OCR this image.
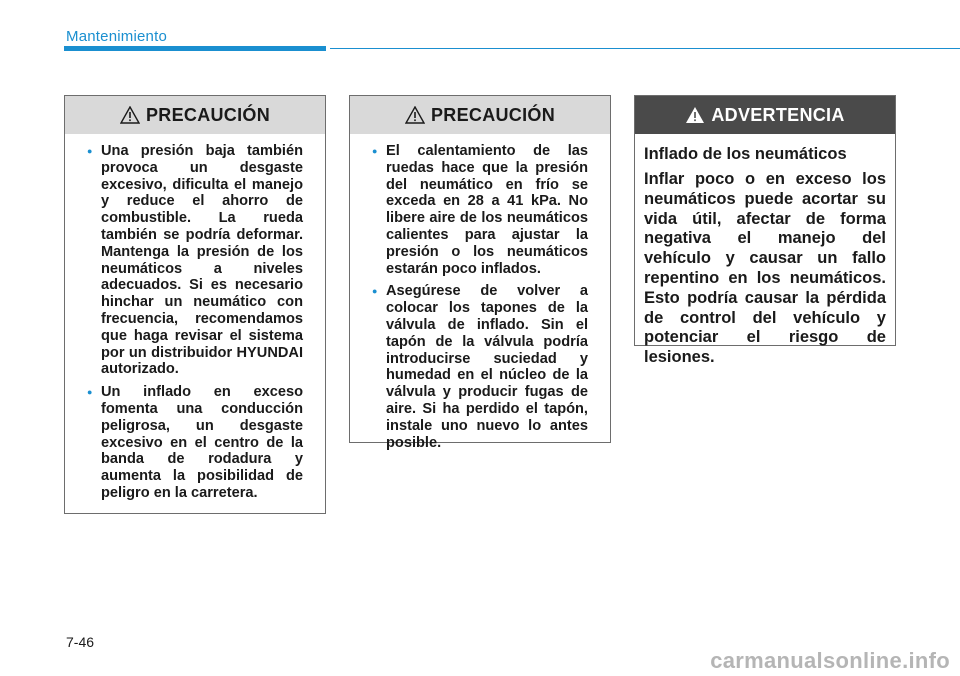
Mantenimiento
PRECAUCIÓN
● Una presión baja también provoca un desgaste excesivo, dificulta el manejo y reduce el ahorro de combustible. La rueda también se podría deformar. Mantenga la presión de los neumáticos a niveles adecuados. Si es necesario hinchar un neumático con frecuencia, recomendamos que haga revisar el sistema por un distribuidor HYUNDAI autorizado.
● Un inflado en exceso fomenta una conducción peligrosa, un desgaste excesivo en el centro de la banda de rodadura y aumenta la posibilidad de peligro en la carretera.
PRECAUCIÓN
● El calentamiento de las ruedas hace que la presión del neumático en frío se exceda en 28 a 41 kPa. No libere aire de los neumáticos calientes para ajustar la presión o los neumáticos estarán poco inflados.
● Asegúrese de volver a colocar los tapones de la válvula de inflado. Sin el tapón de la válvula podría introducirse suciedad y humedad en el núcleo de la válvula y producir fugas de aire. Si ha perdido el tapón, instale uno nuevo lo antes posible.
ADVERTENCIA
Inflado de los neumáticos

Inflar poco o en exceso los neumáticos puede acortar su vida útil, afectar de forma negativa el manejo del vehículo y causar un fallo repentino en los neumáticos. Esto podría causar la pérdida de control del vehículo y potenciar el riesgo de lesiones.

7-46
carmanualsonline.info
